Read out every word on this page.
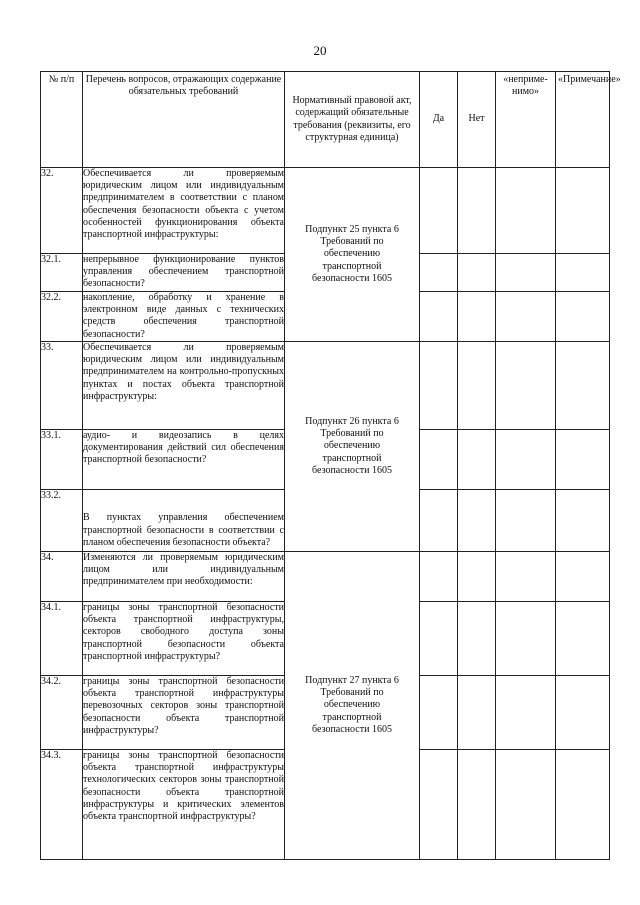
20
№ п/п	Перечень вопросов, отражающих содержание обязательных требований	Нормативный правовой акт, содержащий обязательные требования (реквизиты, его структурная единица)	Да	Нет	«неприме-нимо»	«Примечание»

32.	Обеспечивается ли проверяемым юридическим лицом или индивидуальным предпринимателем в соответствии с планом обеспечения безопасности объекта с учетом особенностей функционирования объекта транспортной инфраструктуры:	Подпункт 25 пункта 6 Требований по обеспечению транспортной безопасности 1605				

32.1.	непрерывное функционирование пунктов управления обеспечением транспортной безопасности?					
32.2.	накопление, обработку и хранение в электронном виде данных с технических средств обеспечения транспортной безопасности?					
33.	Обеспечивается ли проверяемым юридическим лицом или индивидуальным предпринимателем на контрольно-пропускных пунктах и постах объекта транспортной инфраструктуры:	Подпункт 26 пункта 6 Требований по обеспечению транспортной безопасности 1605				

33.1.	аудио- и видеозапись в целях документирования действий сил обеспечения транспортной безопасности?					
33.2.	В пунктах управления обеспечением транспортной безопасности в соответствии с планом обеспечения безопасности объекта?					
34.	Изменяются ли проверяемым юридическим лицом или индивидуальным предпринимателем при необходимости:	Подпункт 27 пункта 6 Требований по обеспечению транспортной безопасности 1605				

34.1.	границы зоны транспортной безопасности объекта транспортной инфраструктуры, секторов свободного доступа зоны транспортной безопасности объекта транспортной инфраструктуры?					
34.2.	границы зоны транспортной безопасности объекта транспортной инфраструктуры перевозочных секторов зоны транспортной безопасности объекта транспортной инфраструктуры?					
34.3.	границы зоны транспортной безопасности объекта транспортной инфраструктуры технологических секторов зоны транспортной безопасности объекта транспортной инфраструктуры и критических элементов объекта транспортной инфраструктуры?					
